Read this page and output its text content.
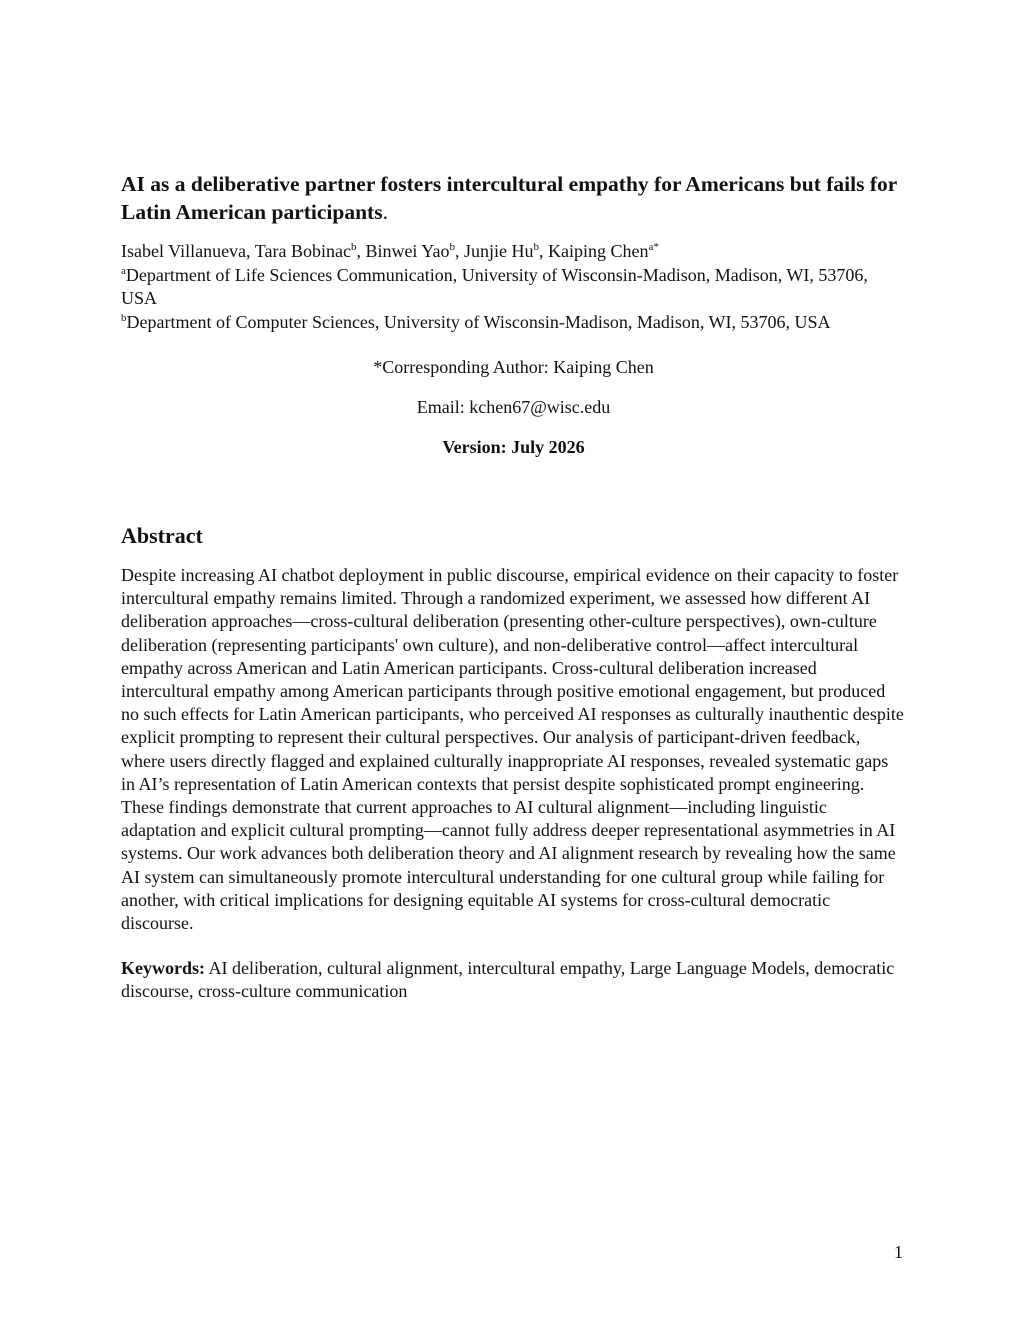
AI as a deliberative partner fosters intercultural empathy for Americans but fails for Latin American participants.
Isabel Villanueva, Tara Bobinac$^b$, Binwei Yao$^b$, Junjie Hu$^b$, Kaiping Chen$^{a*}$
$^a$Department of Life Sciences Communication, University of Wisconsin-Madison, Madison, WI, 53706, USA
$^b$Department of Computer Sciences, University of Wisconsin-Madison, Madison, WI, 53706, USA
*Corresponding Author: Kaiping Chen
Email: kchen67@wisc.edu
Version: July 2026
Abstract

Despite increasing AI chatbot deployment in public discourse, empirical evidence on their capacity to foster intercultural empathy remains limited. Through a randomized experiment, we assessed how different AI deliberation approaches—cross-cultural deliberation (presenting other-culture perspectives), own-culture deliberation (representing participants' own culture), and non-deliberative control—affect intercultural empathy across American and Latin American participants. Cross-cultural deliberation increased intercultural empathy among American participants through positive emotional engagement, but produced no such effects for Latin American participants, who perceived AI responses as culturally inauthentic despite explicit prompting to represent their cultural perspectives. Our analysis of participant-driven feedback, where users directly flagged and explained culturally inappropriate AI responses, revealed systematic gaps in AI’s representation of Latin American contexts that persist despite sophisticated prompt engineering. These findings demonstrate that current approaches to AI cultural alignment—including linguistic adaptation and explicit cultural prompting—cannot fully address deeper representational asymmetries in AI systems. Our work advances both deliberation theory and AI alignment research by revealing how the same AI system can simultaneously promote intercultural understanding for one cultural group while failing for another, with critical implications for designing equitable AI systems for cross-cultural democratic discourse.

Keywords: AI deliberation, cultural alignment, intercultural empathy, Large Language Models, democratic discourse, cross-culture communication
1
